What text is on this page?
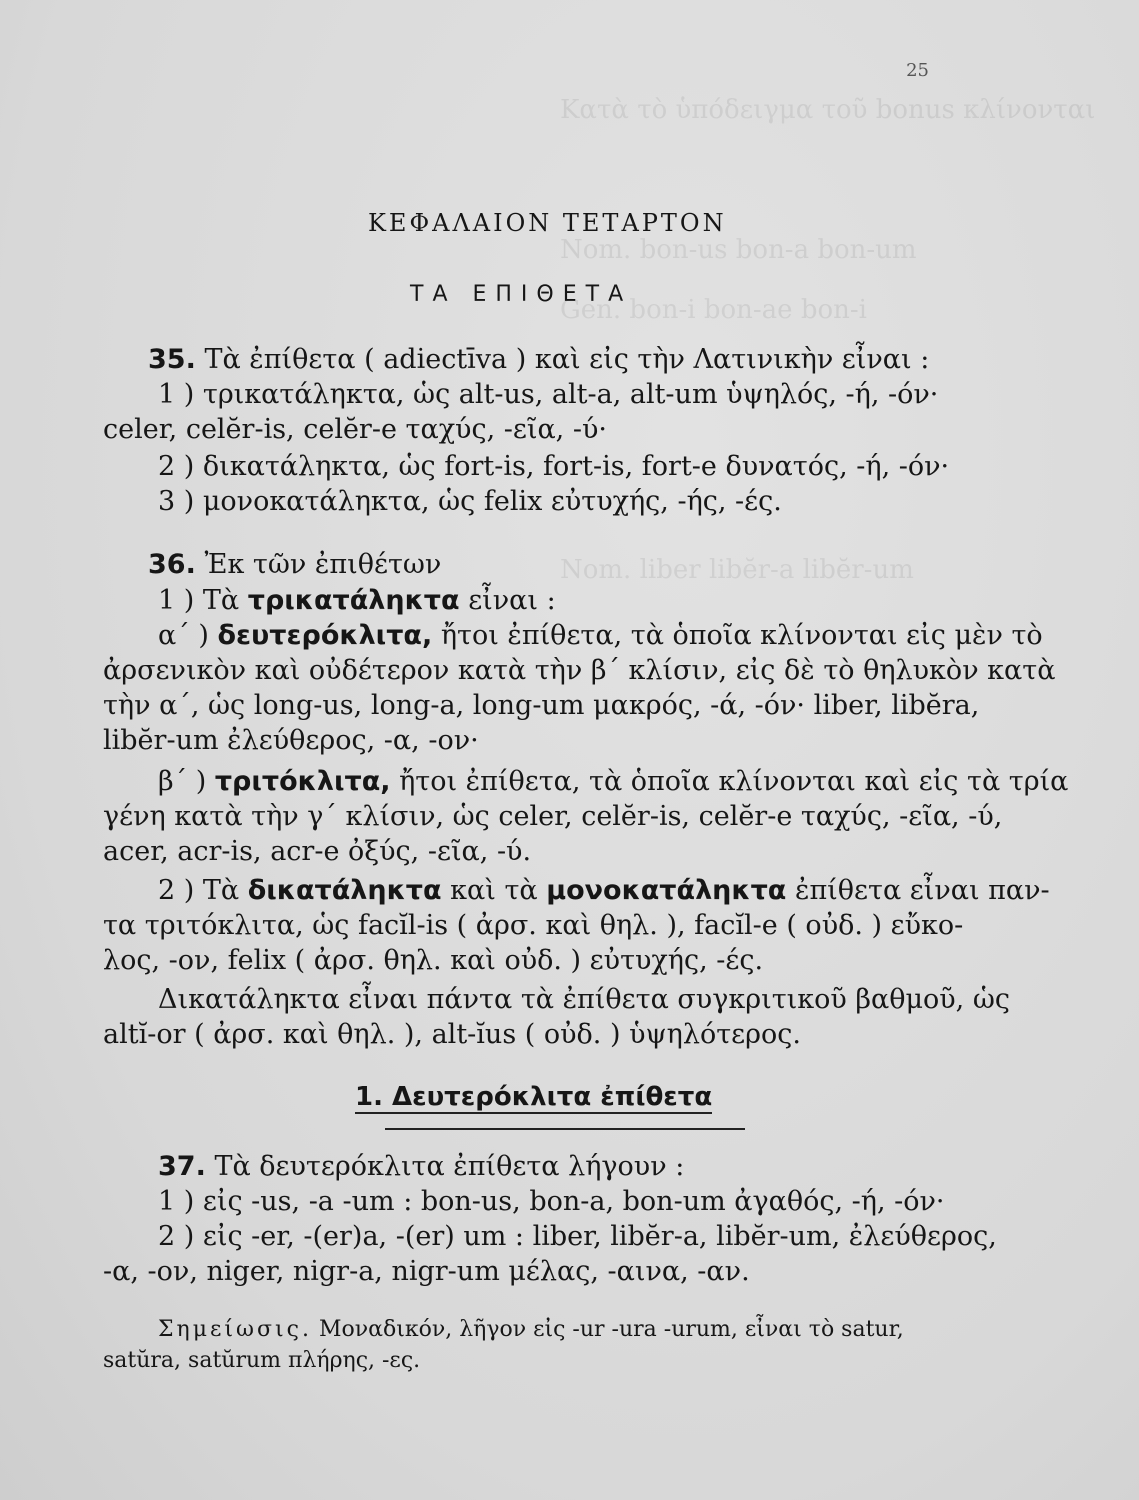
Κατὰ τὸ ὑπόδειγμα τοῦ bonus κλίνονται
Nom. bon-us bon-a bon-um
Gen. bon-i bon-ae bon-i
Nom. liber libĕr-a libĕr-um
25
ΚΕΦΑΛΑΙΟΝ ΤΕΤΑΡΤΟΝ
ΤΑ ΕΠΙΘΕΤΑ
35. Τὰ ἐπίθετα ( adiectīva ) καὶ εἰς τὴν Λατινικὴν εἶναι :
1 ) τρικατάληκτα, ὡς alt-us, alt-a, alt-um ὑψηλός, -ή, -όν·
celer, celĕr-is, celĕr-e ταχύς, -εῖα, -ύ·
2 ) δικατάληκτα, ὡς fort-is, fort-is, fort-e δυνατός, -ή, -όν·
3 ) μονοκατάληκτα, ὡς felix εὐτυχής, -ής, -ές.
36. Ἐκ τῶν ἐπιθέτων
1 ) Τὰ τρικατάληκτα εἶναι :
α΄ ) δευτερόκλιτα, ἤτοι ἐπίθετα, τὰ ὁποῖα κλίνονται εἰς μὲν τὸ
ἀρσενικὸν καὶ οὐδέτερον κατὰ τὴν β΄ κλίσιν, εἰς δὲ τὸ θηλυκὸν κατὰ
τὴν α΄, ὡς long-us, long-a, long-um μακρός, -ά, -όν· liber, libĕra,
libĕr-um ἐλεύθερος, -α, -ον·
β΄ ) τριτόκλιτα, ἤτοι ἐπίθετα, τὰ ὁποῖα κλίνονται καὶ εἰς τὰ τρία
γένη κατὰ τὴν γ΄ κλίσιν, ὡς celer, celĕr-is, celĕr-e ταχύς, -εῖα, -ύ,
acer, acr-is, acr-e ὀξύς, -εῖα, -ύ.
2 ) Τὰ δικατάληκτα καὶ τὰ μονοκατάληκτα ἐπίθετα εἶναι παν-
τα τριτόκλιτα, ὡς facĭl-is ( ἀρσ. καὶ θηλ. ), facĭl-e ( οὐδ. ) εὔκο-
λος, -ον, felix ( ἀρσ. θηλ. καὶ οὐδ. ) εὐτυχής, -ές.
Δικατάληκτα εἶναι πάντα τὰ ἐπίθετα συγκριτικοῦ βαθμοῦ, ὡς
altĭ-or ( ἀρσ. καὶ θηλ. ), alt-ĭus ( οὐδ. ) ὑψηλότερος.
1. Δευτερόκλιτα ἐπίθετα
37. Τὰ δευτερόκλιτα ἐπίθετα λήγουν :
1 ) εἰς -us, -a -um : bon-us, bon-a, bon-um ἀγαθός, -ή, -όν·
2 ) εἰς -er, -(er)a, -(er) um : liber, libĕr-a, libĕr-um, ἐλεύθερος,
-α, -ον, niger, nigr-a, nigr-um μέλας, -αινα, -αν.
Σημείωσις. Μοναδικόν, λῆγον εἰς -ur -ura -urum, εἶναι τὸ satur,
satŭra, satŭrum πλήρης, -ες.
